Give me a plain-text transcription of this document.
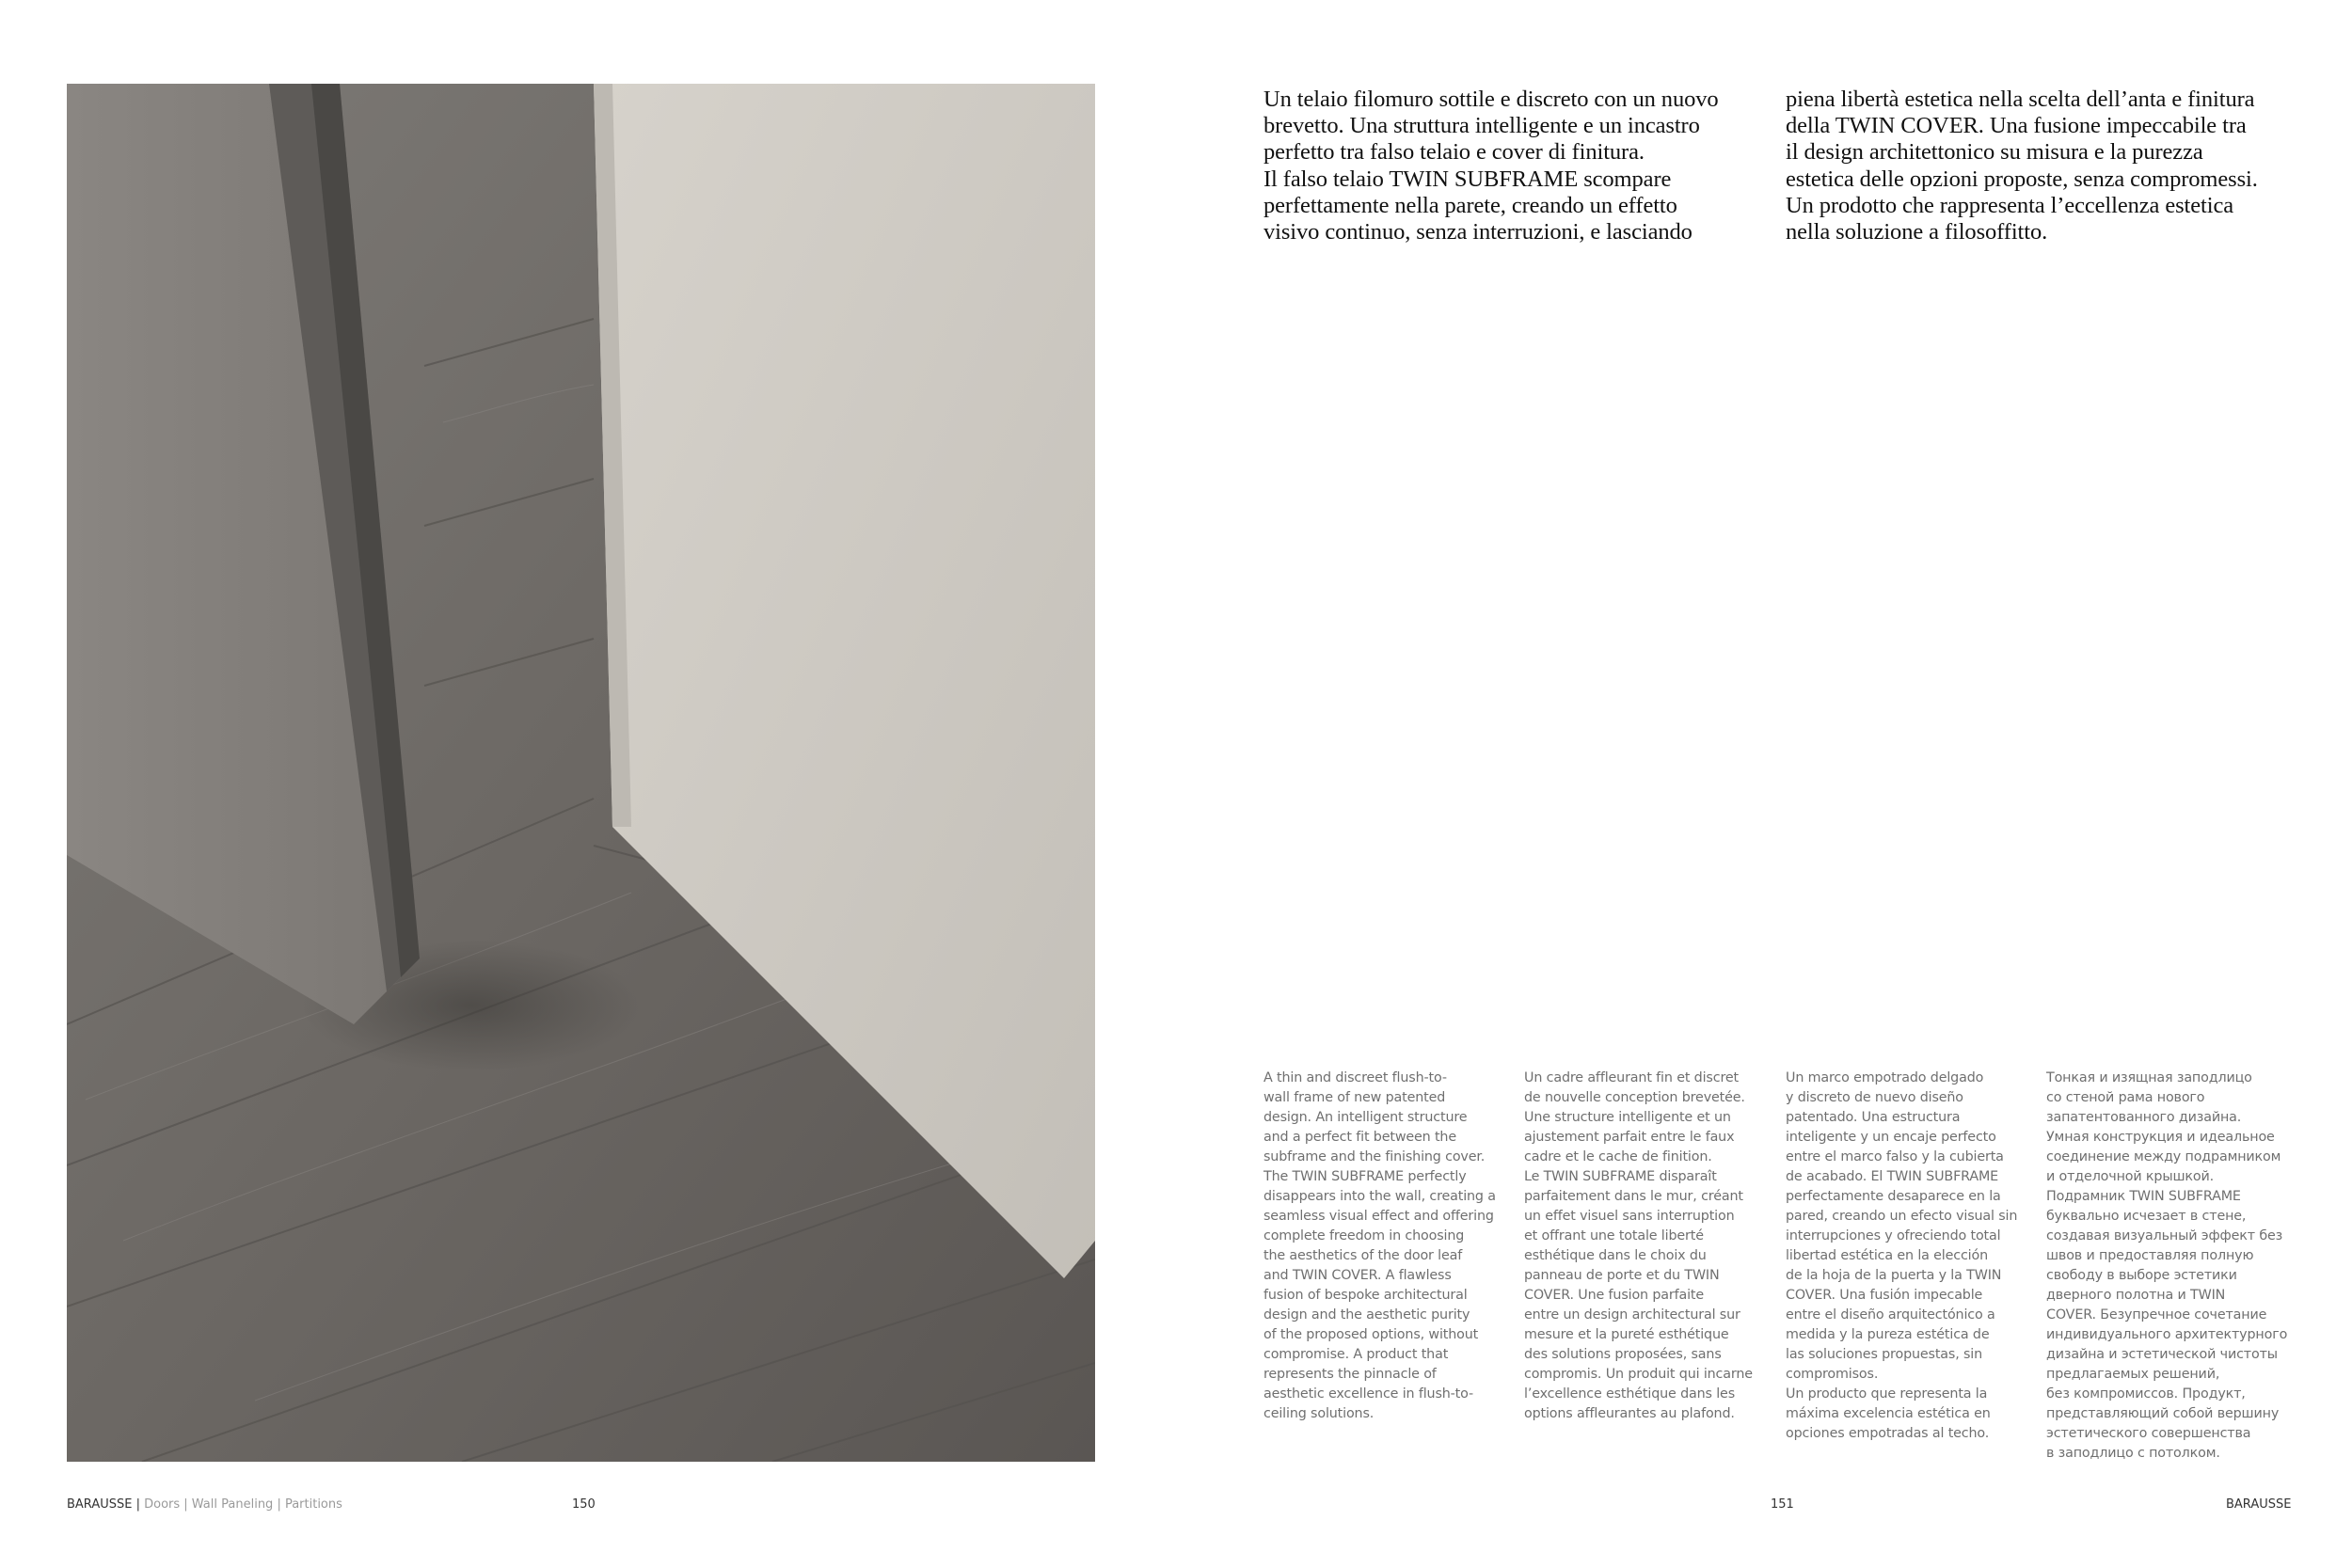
Un telaio filomuro sottile e discreto con un nuovo
brevetto. Una struttura intelligente e un incastro
perfetto tra falso telaio e cover di finitura.
Il falso telaio TWIN SUBFRAME scompare
perfettamente nella parete, creando un effetto
visivo continuo, senza interruzioni, e lasciando
piena libertà estetica nella scelta dell’anta e finitura
della TWIN COVER. Una fusione impeccabile tra
il design architettonico su misura e la purezza
estetica delle opzioni proposte, senza compromessi.
Un prodotto che rappresenta l’eccellenza estetica
nella soluzione a filosoffitto.
A thin and discreet flush-to-
wall frame of new patented
design. An intelligent structure
and a perfect fit between the
subframe and the finishing cover.
The TWIN SUBFRAME perfectly
disappears into the wall, creating a
seamless visual effect and offering
complete freedom in choosing
the aesthetics of the door leaf
and TWIN COVER. A flawless
fusion of bespoke architectural
design and the aesthetic purity
of the proposed options, without
compromise. A product that
represents the pinnacle of
aesthetic excellence in flush-to-
ceiling solutions.
Un cadre affleurant fin et discret
de nouvelle conception brevetée.
Une structure intelligente et un
ajustement parfait entre le faux
cadre et le cache de finition.
Le TWIN SUBFRAME disparaît
parfaitement dans le mur, créant
un effet visuel sans interruption
et offrant une totale liberté
esthétique dans le choix du
panneau de porte et du TWIN
COVER. Une fusion parfaite
entre un design architectural sur
mesure et la pureté esthétique
des solutions proposées, sans
compromis. Un produit qui incarne
l’excellence esthétique dans les
options affleurantes au plafond.
Un marco empotrado delgado
y discreto de nuevo diseño
patentado. Una estructura
inteligente y un encaje perfecto
entre el marco falso y la cubierta
de acabado. El TWIN SUBFRAME
perfectamente desaparece en la
pared, creando un efecto visual sin
interrupciones y ofreciendo total
libertad estética en la elección
de la hoja de la puerta y la TWIN
COVER. Una fusión impecable
entre el diseño arquitectónico a
medida y la pureza estética de
las soluciones propuestas, sin
compromisos.
Un producto que representa la
máxima excelencia estética en
opciones empotradas al techo.
Тонкая и изящная заподлицо
со стеной рама нового
запатентованного дизайна.
Умная конструкция и идеальное
соединение между подрамником
и отделочной крышкой.
Подрамник TWIN SUBFRAME
буквально исчезает в стене,
создавая визуальный эффект без
швов и предоставляя полную
свободу в выборе эстетики
дверного полотна и TWIN
COVER. Безупречное сочетание
индивидуального архитектурного
дизайна и эстетической чистоты
предлагаемых решений,
без компромиссов. Продукт,
представляющий собой вершину
эстетического совершенства
в заподлицо с потолком.
BARAUSSE | Doors | Wall Paneling | Partitions	150	151	BARAUSSE
